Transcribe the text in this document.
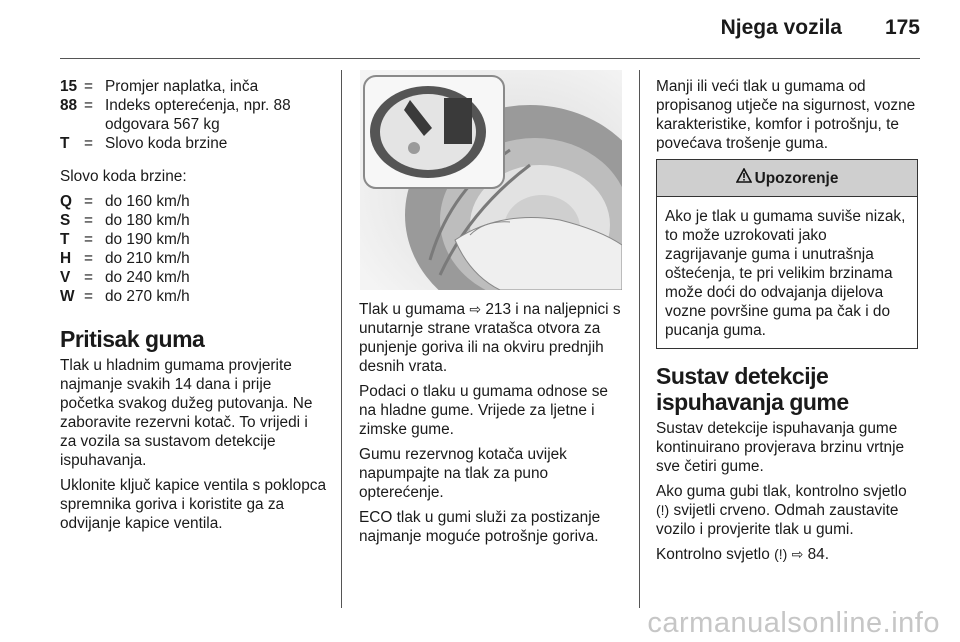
Njega vozila 175
15 = Promjer naplatka, inča
88 = Indeks opterećenja, npr. 88 odgovara 567 kg
T = Slovo koda brzine

Slovo koda brzine:

Q = do 160 km/h
S = do 180 km/h
T = do 190 km/h
H = do 210 km/h
V = do 240 km/h
W = do 270 km/h
Pritisak guma

Tlak u hladnim gumama provjerite najmanje svakih 14 dana i prije početka svakog dužeg putovanja. Ne zaboravite rezervni kotač. To vrijedi i za vozila sa sustavom detekcije ispuhavanja.

Uklonite ključ kapice ventila s poklopca spremnika goriva i koristite ga za odvijanje kapice ventila.

Tlak u gumama ⇨ 213 i na naljepnici s unutarnje strane vratašca otvora za punjenje goriva ili na okviru prednjih desnih vrata.

Podaci o tlaku u gumama odnose se na hladne gume. Vrijede za ljetne i zimske gume.

Gumu rezervnog kotača uvijek napumpajte na tlak za puno opterećenje.

ECO tlak u gumi služi za postizanje najmanje moguće potrošnje goriva.

Manji ili veći tlak u gumama od propisanog utječe na sigurnost, vozne karakteristike, komfor i potrošnju, te povećava trošenje guma.

Upozorenje
Ako je tlak u gumama suviše nizak, to može uzrokovati jako zagrijavanje guma i unutrašnja oštećenja, te pri velikim brzinama može doći do odvajanja dijelova vozne površine guma pa čak i do pucanja guma.
Sustav detekcije ispuhavanja gume

Sustav detekcije ispuhavanja gume kontinuirano provjerava brzinu vrtnje sve četiri gume.

Ako guma gubi tlak, kontrolno svjetlo (!) svijetli crveno. Odmah zaustavite vozilo i provjerite tlak u gumi.

Kontrolno svjetlo (!) ⇨ 84.

carmanualsonline.info
